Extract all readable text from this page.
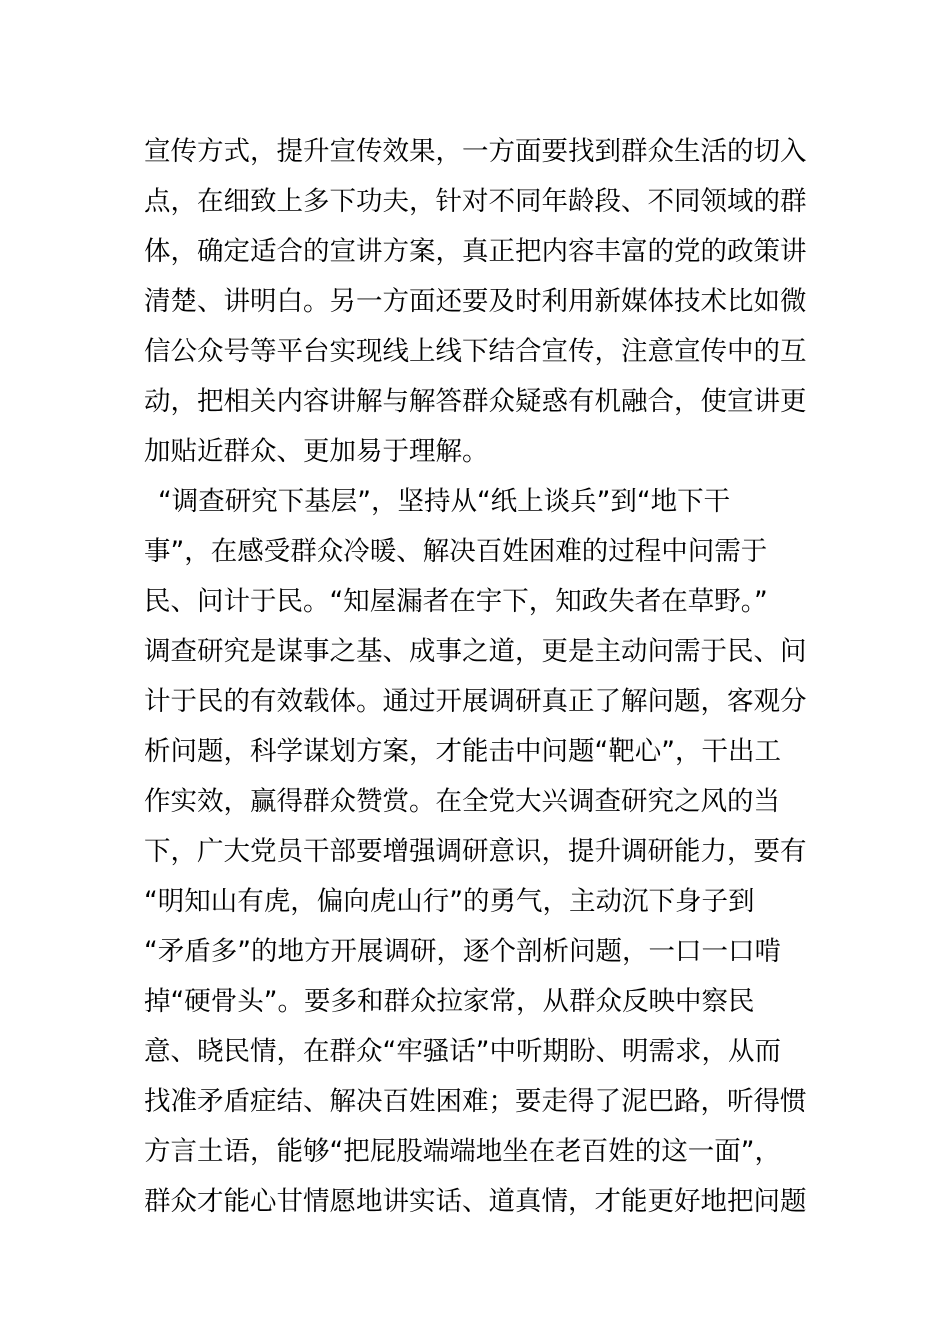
宣传方式，提升宣传效果，一方面要找到群众生活的切入
点，在细致上多下功夫，针对不同年龄段、不同领域的群
体，确定适合的宣讲方案，真正把内容丰富的党的政策讲
清楚、讲明白。另一方面还要及时利用新媒体技术比如微
信公众号等平台实现线上线下结合宣传，注意宣传中的互
动，把相关内容讲解与解答群众疑惑有机融合，使宣讲更
加贴近群众、更加易于理解。
“调查研究下基层”，坚持从“纸上谈兵”到“地下干
事”，在感受群众冷暖、解决百姓困难的过程中问需于
民、问计于民。“知屋漏者在宇下，知政失者在草野。”
调查研究是谋事之基、成事之道，更是主动问需于民、问
计于民的有效载体。通过开展调研真正了解问题，客观分
析问题，科学谋划方案，才能击中问题“靶心”，干出工
作实效，赢得群众赞赏。在全党大兴调查研究之风的当
下，广大党员干部要增强调研意识，提升调研能力，要有
“明知山有虎，偏向虎山行”的勇气，主动沉下身子到
“矛盾多”的地方开展调研，逐个剖析问题，一口一口啃
掉“硬骨头”。要多和群众拉家常，从群众反映中察民
意、晓民情，在群众“牢骚话”中听期盼、明需求，从而
找准矛盾症结、解决百姓困难；要走得了泥巴路，听得惯
方言土语，能够“把屁股端端地坐在老百姓的这一面”，
群众才能心甘情愿地讲实话、道真情，才能更好地把问题
